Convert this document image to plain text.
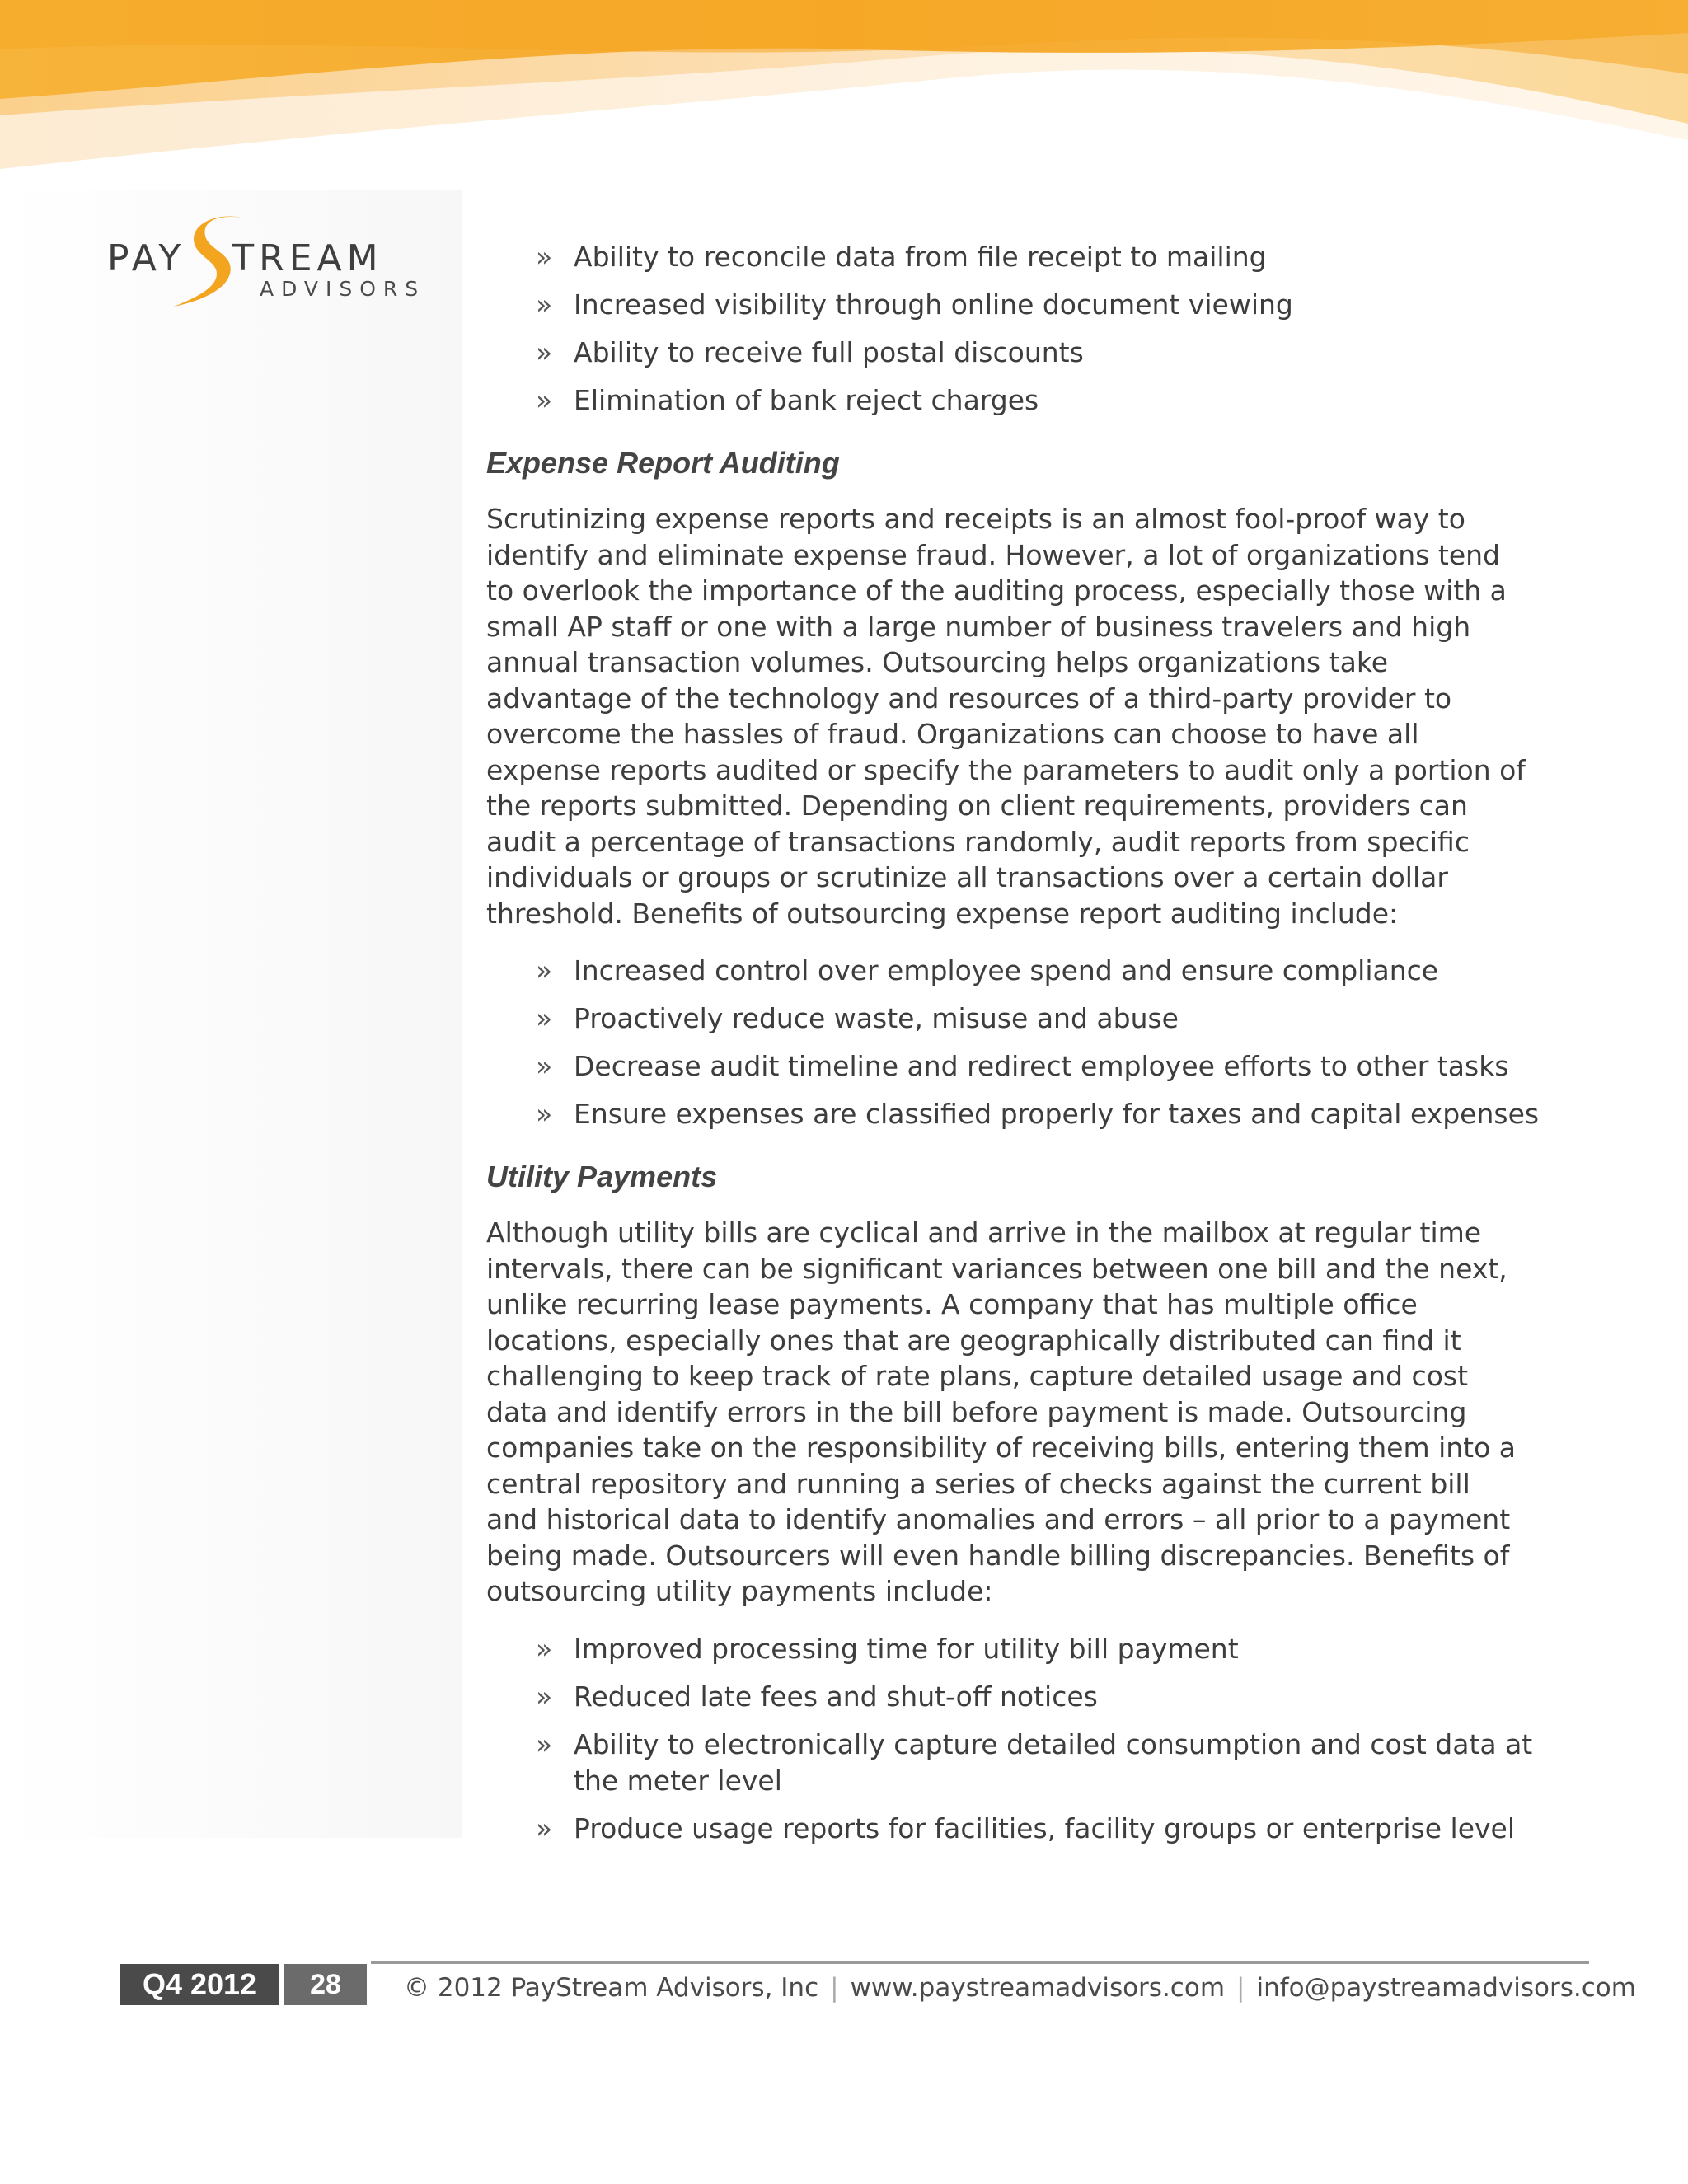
PAY TREAM
ADVISORS
» Ability to reconcile data from file receipt to mailing
» Increased visibility through online document viewing
» Ability to receive full postal discounts
» Elimination of bank reject charges
Expense Report Auditing

Scrutinizing expense reports and receipts is an almost fool-proof way to identify and eliminate expense fraud. However, a lot of organizations tend to overlook the importance of the auditing process, especially those with a small AP staff or one with a large number of business travelers and high annual transaction volumes. Outsourcing helps organizations take advantage of the technology and resources of a third-party provider to overcome the hassles of fraud. Organizations can choose to have all expense reports audited or specify the parameters to audit only a portion of the reports submitted. Depending on client requirements, providers can audit a percentage of transactions randomly, audit reports from specific individuals or groups or scrutinize all transactions over a certain dollar threshold. Benefits of outsourcing expense report auditing include:

» Increased control over employee spend and ensure compliance
» Proactively reduce waste, misuse and abuse
» Decrease audit timeline and redirect employee efforts to other tasks
» Ensure expenses are classified properly for taxes and capital expenses
Utility Payments

Although utility bills are cyclical and arrive in the mailbox at regular time intervals, there can be significant variances between one bill and the next, unlike recurring lease payments. A company that has multiple office locations, especially ones that are geographically distributed can find it challenging to keep track of rate plans, capture detailed usage and cost data and identify errors in the bill before payment is made. Outsourcing companies take on the responsibility of receiving bills, entering them into a central repository and running a series of checks against the current bill and historical data to identify anomalies and errors – all prior to a payment being made. Outsourcers will even handle billing discrepancies. Benefits of outsourcing utility payments include:

» Improved processing time for utility bill payment
» Reduced late fees and shut-off notices
» Ability to electronically capture detailed consumption and cost data at the meter level
» Produce usage reports for facilities, facility groups or enterprise level
Q4 2012	28	© 2012 PayStream Advisors, Inc | www.paystreamadvisors.com | info@paystreamadvisors.com
